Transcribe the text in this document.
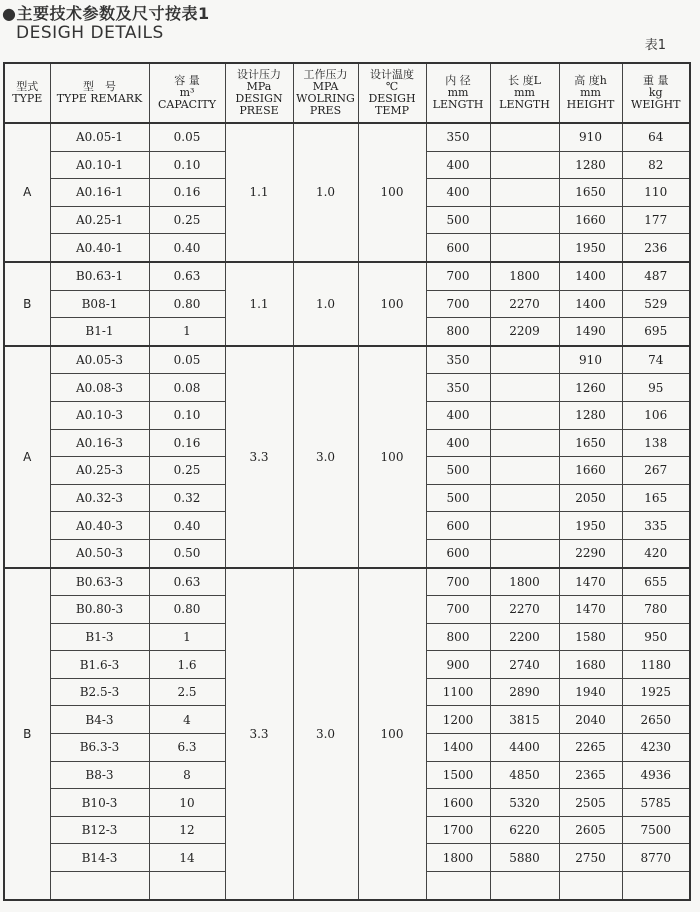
●主要技术参数及尺寸按表1
DESIGH DETAILS
表1
型式
TYPE	型　号
TYPE REMARK	容 量
m³
CAPACITY	设计压力
MPa
DESIGN
PRESE	工作压力
MPA
WOLRING
PRES	设计温度
℃
DESIGH
TEMP	内 径
mm
LENGTH	长 度L
mm
LENGTH	高 度h
mm
HEIGHT	重 量
kg
WEIGHT

A	A0.05-1	0.05	1.1	1.0	100	350		910	64
	A0.10-1	0.10				400		1280	82
	A0.16-1	0.16				400		1650	110
	A0.25-1	0.25				500		1660	177
	A0.40-1	0.40				600		1950	236
B	B0.63-1	0.63	1.1	1.0	100	700	1800	1400	487
	B08-1	0.80				700	2270	1400	529
	B1-1	1				800	2209	1490	695
A	A0.05-3	0.05	3.3	3.0	100	350		910	74
	A0.08-3	0.08				350		1260	95
	A0.10-3	0.10				400		1280	106
	A0.16-3	0.16				400		1650	138
	A0.25-3	0.25				500		1660	267
	A0.32-3	0.32				500		2050	165
	A0.40-3	0.40				600		1950	335
	A0.50-3	0.50				600		2290	420
B	B0.63-3	0.63	3.3	3.0	100	700	1800	1470	655
	B0.80-3	0.80				700	2270	1470	780
	B1-3	1				800	2200	1580	950
	B1.6-3	1.6				900	2740	1680	1180
	B2.5-3	2.5				1100	2890	1940	1925
	B4-3	4				1200	3815	2040	2650
	B6.3-3	6.3				1400	4400	2265	4230
	B8-3	8				1500	4850	2365	4936
	B10-3	10				1600	5320	2505	5785
	B12-3	12				1700	6220	2605	7500
	B14-3	14				1800	5880	2750	8770
